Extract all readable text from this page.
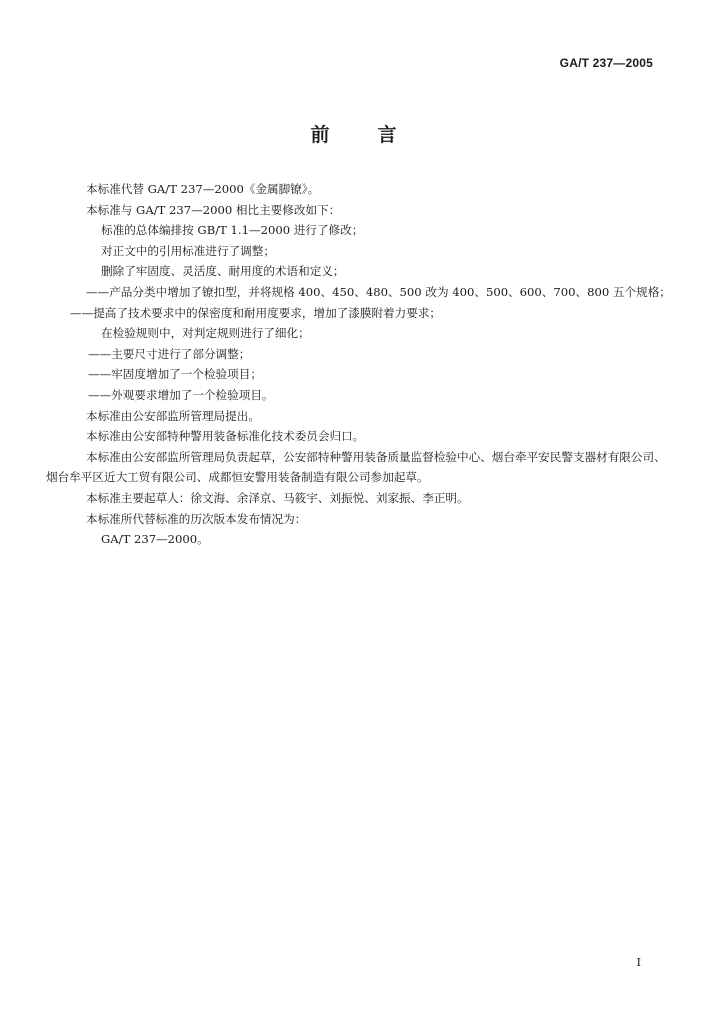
GA/T 237—2005
前	言

本标准代替 GA/T 237—2000《金属脚镣》。

本标准与 GA/T 237—2000 相比主要修改如下：

标准的总体编排按 GB/T 1.1—2000 进行了修改；

对正文中的引用标准进行了调整；

删除了牢固度、灵活度、耐用度的术语和定义；

——产品分类中增加了镣扣型，并将规格 400、450、480、500 改为 400、500、600、700、800 五个规格；

——提高了技术要求中的保密度和耐用度要求，增加了漆膜附着力要求；

在检验规则中，对判定规则进行了细化；

——主要尺寸进行了部分调整；

——牢固度增加了一个检验项目；

——外观要求增加了一个检验项目。

本标准由公安部监所管理局提出。

本标准由公安部特种警用装备标准化技术委员会归口。

本标准由公安部监所管理局负责起草，公安部特种警用装备质量监督检验中心、烟台牵平安民警支器材有限公司、烟台牟平区近大工贸有限公司、成都恒安警用装备制造有限公司参加起草。

本标准主要起草人：徐文海、余泽京、马筱宇、刘振悦、刘家振、李正明。

本标准所代替标准的历次版本发布情况为：

GA/T 237—2000。

I
